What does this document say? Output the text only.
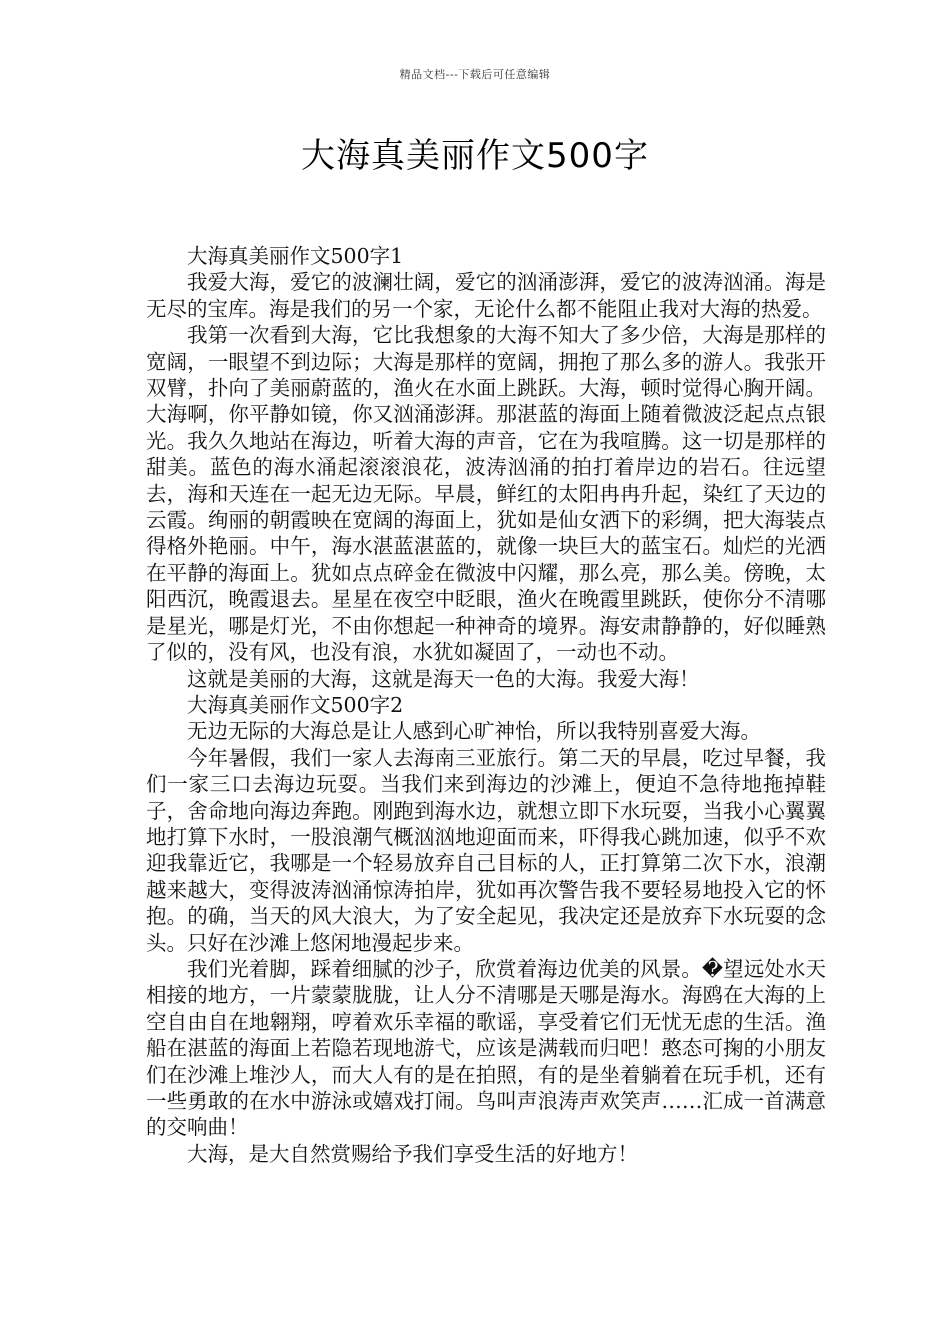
精品文档---下载后可任意编辑
大海真美丽作文500字

大海真美丽作文500字1

我爱大海，爱它的波澜壮阔，爱它的汹涌澎湃，爱它的波涛汹涌。海是无尽的宝库。海是我们的另一个家，无论什么都不能阻止我对大海的热爱。

我第一次看到大海，它比我想象的大海不知大了多少倍，大海是那样的宽阔，一眼望不到边际；大海是那样的宽阔，拥抱了那么多的游人。我张开双臂，扑向了美丽蔚蓝的，渔火在水面上跳跃。大海，顿时觉得心胸开阔。大海啊，你平静如镜，你又汹涌澎湃。那湛蓝的海面上随着微波泛起点点银光。我久久地站在海边，听着大海的声音，它在为我喧腾。这一切是那样的甜美。蓝色的海水涌起滚滚浪花，波涛汹涌的拍打着岸边的岩石。往远望去，海和天连在一起无边无际。早晨，鲜红的太阳冉冉升起，染红了天边的云霞。绚丽的朝霞映在宽阔的海面上，犹如是仙女洒下的彩绸，把大海装点得格外艳丽。中午，海水湛蓝湛蓝的，就像一块巨大的蓝宝石。灿烂的光洒在平静的海面上。犹如点点碎金在微波中闪耀，那么亮，那么美。傍晚，太阳西沉，晚霞退去。星星在夜空中眨眼，渔火在晚霞里跳跃，使你分不清哪是星光，哪是灯光，不由你想起一种神奇的境界。海安肃静静的，好似睡熟了似的，没有风，也没有浪，水犹如凝固了，一动也不动。

这就是美丽的大海，这就是海天一色的大海。我爱大海！

大海真美丽作文500字2

无边无际的大海总是让人感到心旷神怡，所以我特别喜爱大海。

今年暑假，我们一家人去海南三亚旅行。第二天的早晨，吃过早餐，我们一家三口去海边玩耍。当我们来到海边的沙滩上，便迫不急待地拖掉鞋子，舍命地向海边奔跑。刚跑到海水边，就想立即下水玩耍，当我小心翼翼地打算下水时，一股浪潮气概汹汹地迎面而来，吓得我心跳加速，似乎不欢迎我靠近它，我哪是一个轻易放弃自己目标的人，正打算第二次下水，浪潮越来越大，变得波涛汹涌惊涛拍岸，犹如再次警告我不要轻易地投入它的怀抱。的确，当天的风大浪大，为了安全起见，我决定还是放弃下水玩耍的念头。只好在沙滩上悠闲地漫起步来。

我们光着脚，踩着细腻的沙子，欣赏着海边优美的风景。�望远处水天相接的地方，一片蒙蒙胧胧，让人分不清哪是天哪是海水。海鸥在大海的上空自由自在地翱翔，哼着欢乐幸福的歌谣，享受着它们无忧无虑的生活。渔船在湛蓝的海面上若隐若现地游弋，应该是满载而归吧！憨态可掬的小朋友们在沙滩上堆沙人，而大人有的是在拍照，有的是坐着躺着在玩手机，还有一些勇敢的在水中游泳或嬉戏打闹。鸟叫声浪涛声欢笑声……汇成一首满意的交响曲！

大海，是大自然赏赐给予我们享受生活的好地方！
